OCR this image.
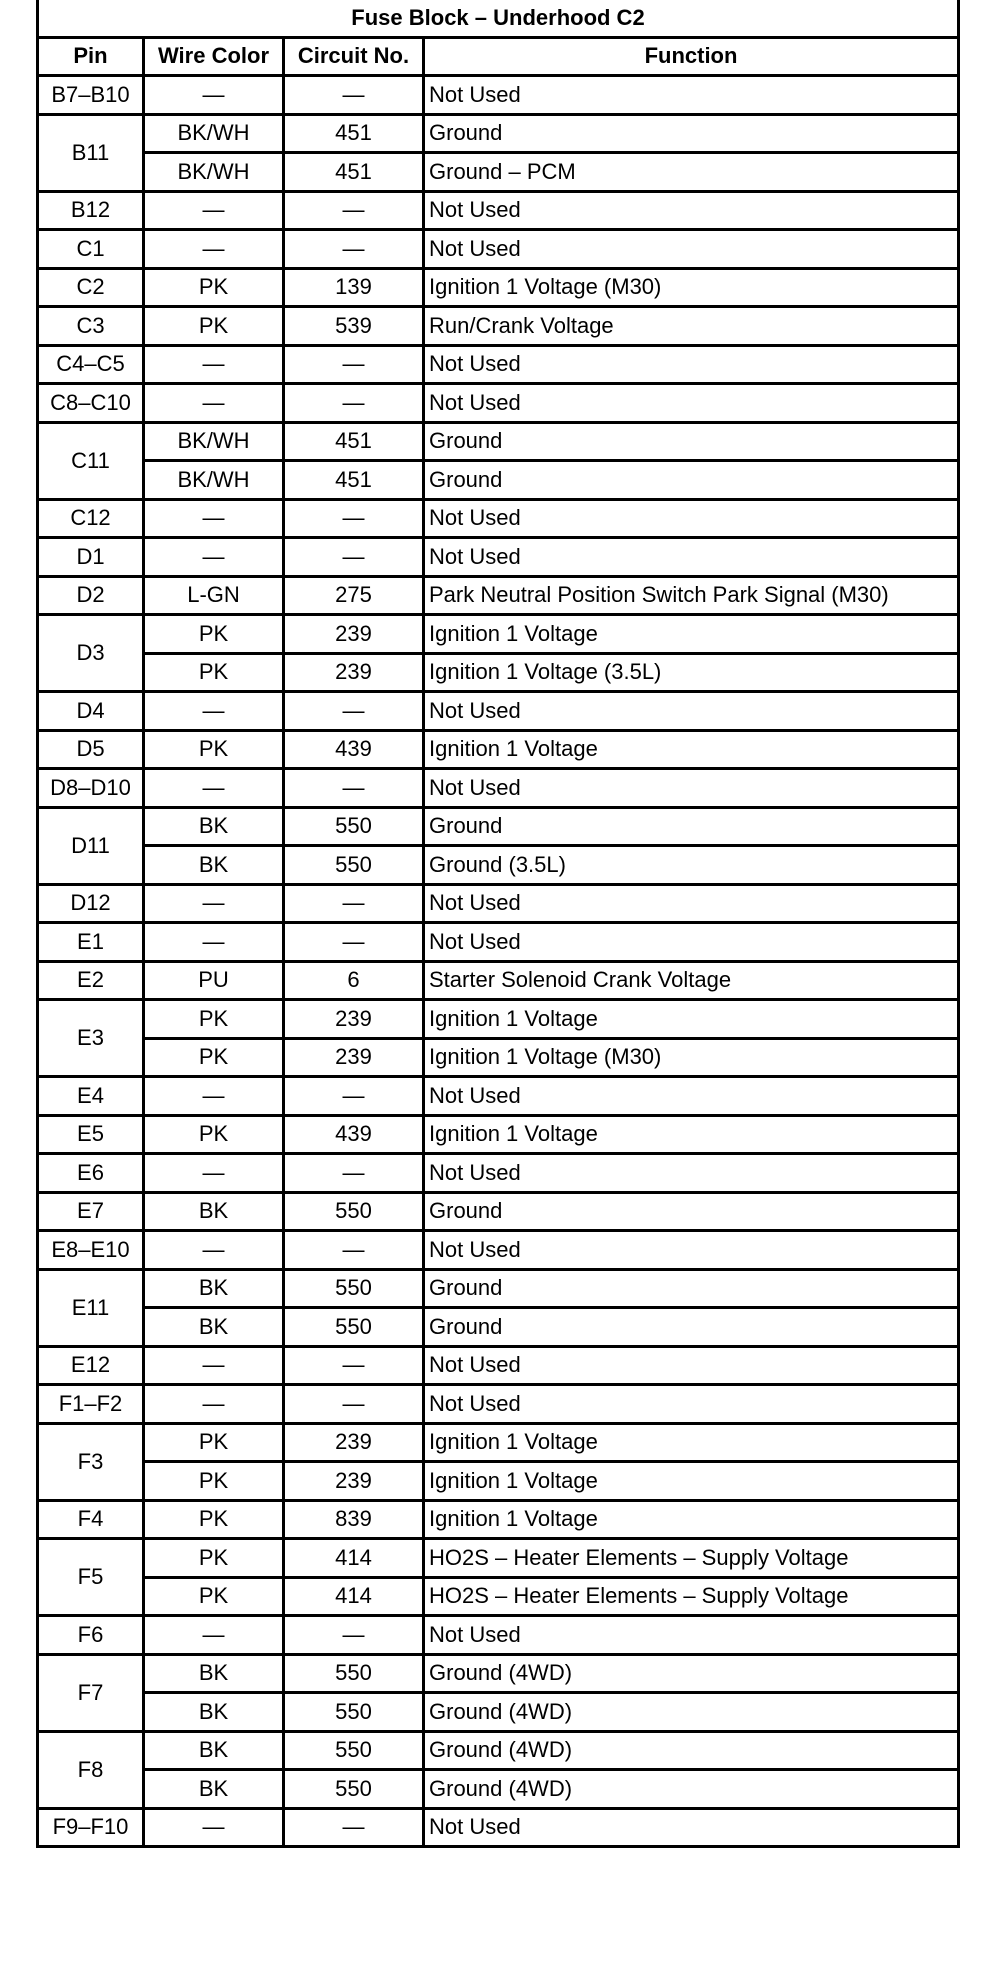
Fuse Block – Underhood C2			
Pin	Wire Color	Circuit No.	Function
B7–B10	—	—	Not Used
B11	BK/WH	451	Ground
	BK/WH	451	Ground – PCM
B12	—	—	Not Used
C1	—	—	Not Used
C2	PK	139	Ignition 1 Voltage (M30)
C3	PK	539	Run/Crank Voltage
C4–C5	—	—	Not Used
C8–C10	—	—	Not Used
C11	BK/WH	451	Ground
	BK/WH	451	Ground
C12	—	—	Not Used
D1	—	—	Not Used
D2	L-GN	275	Park Neutral Position Switch Park Signal (M30)
D3	PK	239	Ignition 1 Voltage
	PK	239	Ignition 1 Voltage (3.5L)
D4	—	—	Not Used
D5	PK	439	Ignition 1 Voltage
D8–D10	—	—	Not Used
D11	BK	550	Ground
	BK	550	Ground (3.5L)
D12	—	—	Not Used
E1	—	—	Not Used
E2	PU	6	Starter Solenoid Crank Voltage
E3	PK	239	Ignition 1 Voltage
	PK	239	Ignition 1 Voltage (M30)
E4	—	—	Not Used
E5	PK	439	Ignition 1 Voltage
E6	—	—	Not Used
E7	BK	550	Ground
E8–E10	—	—	Not Used
E11	BK	550	Ground
	BK	550	Ground
E12	—	—	Not Used
F1–F2	—	—	Not Used
F3	PK	239	Ignition 1 Voltage
	PK	239	Ignition 1 Voltage
F4	PK	839	Ignition 1 Voltage
F5	PK	414	HO2S – Heater Elements – Supply Voltage
	PK	414	HO2S – Heater Elements – Supply Voltage
F6	—	—	Not Used
F7	BK	550	Ground (4WD)
	BK	550	Ground (4WD)
F8	BK	550	Ground (4WD)
	BK	550	Ground (4WD)
F9–F10	—	—	Not Used
